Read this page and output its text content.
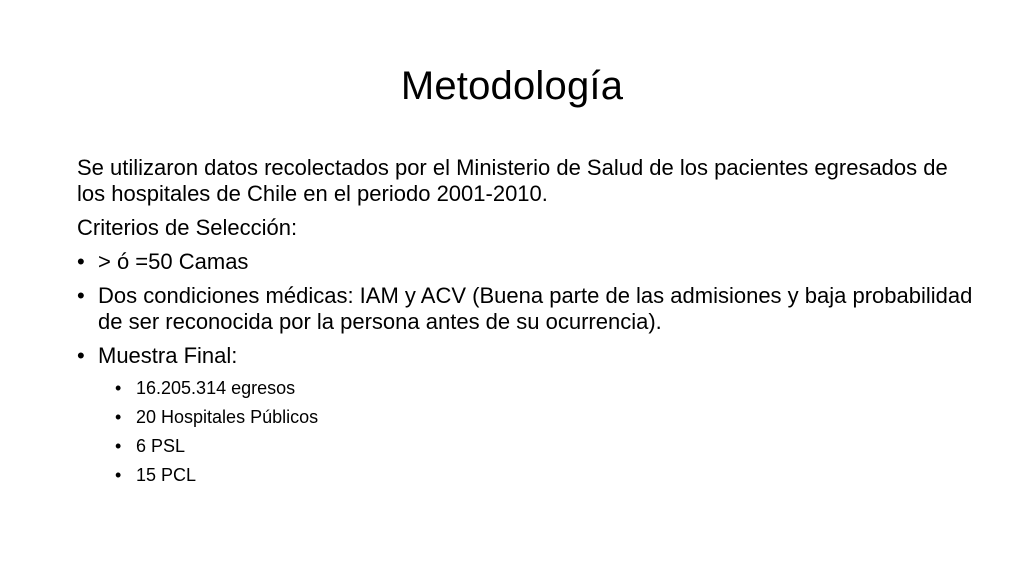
Metodología
Se utilizaron datos recolectados por el Ministerio de Salud de los pacientes egresados de los hospitales de Chile en el periodo 2001-2010.
Criterios de Selección:
• > ó =50 Camas
• Dos condiciones médicas: IAM y ACV (Buena parte de las admisiones y baja probabilidad de ser reconocida por la persona antes de su ocurrencia).
• Muestra Final:
• 16.205.314 egresos
• 20 Hospitales Públicos
• 6 PSL
• 15 PCL
